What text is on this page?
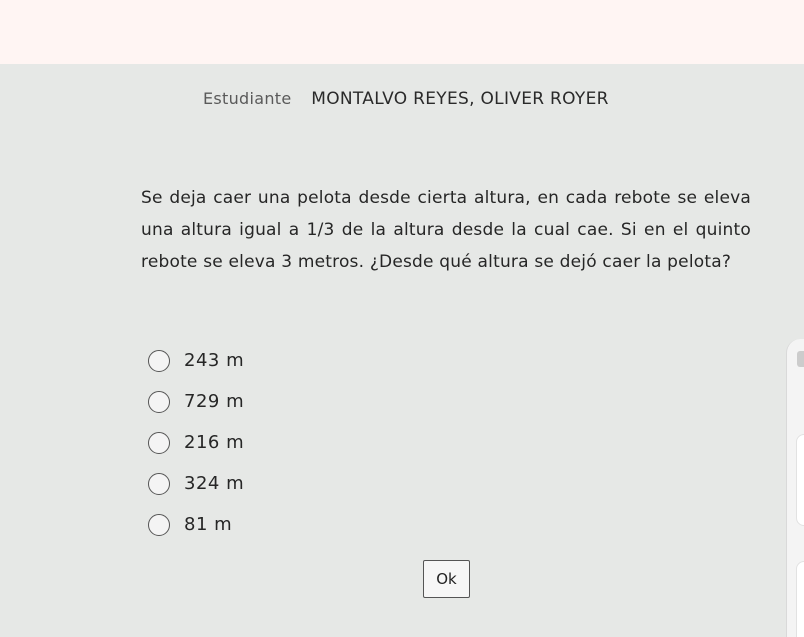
Estudiante MONTALVO REYES, OLIVER ROYER
Se deja caer una pelota desde cierta altura, en cada rebote se eleva una altura igual a 1/3 de la altura desde la cual cae. Si en el quinto rebote se eleva 3 metros. ¿Desde qué altura se dejó caer la pelota?
243 m
729 m
216 m
324 m
81 m
Ok
